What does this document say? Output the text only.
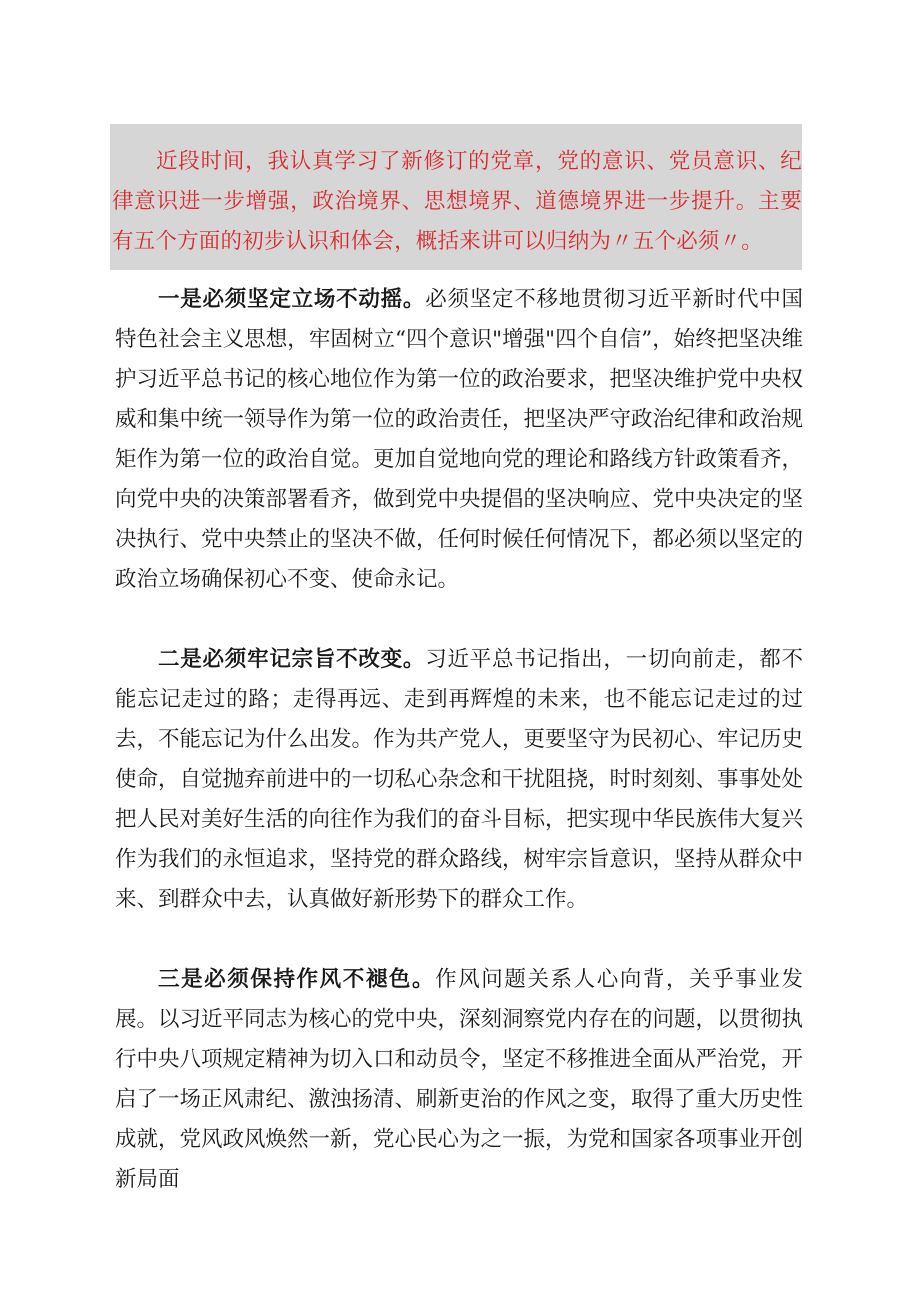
近段时间，我认真学习了新修订的党章，党的意识、党员意识、纪律意识进一步增强，政治境界、思想境界、道德境界进一步提升。主要有五个方面的初步认识和体会，概括来讲可以归纳为〃五个必须〃。

一是必须坚定立场不动摇。必须坚定不移地贯彻习近平新时代中国特色社会主义思想，牢固树立“四个意识"增强"四个自信”，始终把坚决维护习近平总书记的核心地位作为第一位的政治要求，把坚决维护党中央权威和集中统一领导作为第一位的政治责任，把坚决严守政治纪律和政治规矩作为第一位的政治自觉。更加自觉地向党的理论和路线方针政策看齐，向党中央的决策部署看齐，做到党中央提倡的坚决响应、党中央决定的坚决执行、党中央禁止的坚决不做，任何时候任何情况下，都必须以坚定的政治立场确保初心不变、使命永记。

二是必须牢记宗旨不改变。习近平总书记指出，一切向前走，都不能忘记走过的路；走得再远、走到再辉煌的未来，也不能忘记走过的过去，不能忘记为什么出发。作为共产党人，更要坚守为民初心、牢记历史使命，自觉抛弃前进中的一切私心杂念和干扰阻挠，时时刻刻、事事处处把人民对美好生活的向往作为我们的奋斗目标，把实现中华民族伟大复兴作为我们的永恒追求，坚持党的群众路线，树牢宗旨意识，坚持从群众中来、到群众中去，认真做好新形势下的群众工作。

三是必须保持作风不褪色。作风问题关系人心向背，关乎事业发展。以习近平同志为核心的党中央，深刻洞察党内存在的问题，以贯彻执行中央八项规定精神为切入口和动员令，坚定不移推进全面从严治党，开启了一场正风肃纪、激浊扬清、刷新吏治的作风之变，取得了重大历史性成就，党风政风焕然一新，党心民心为之一振，为党和国家各项事业开创新局面
